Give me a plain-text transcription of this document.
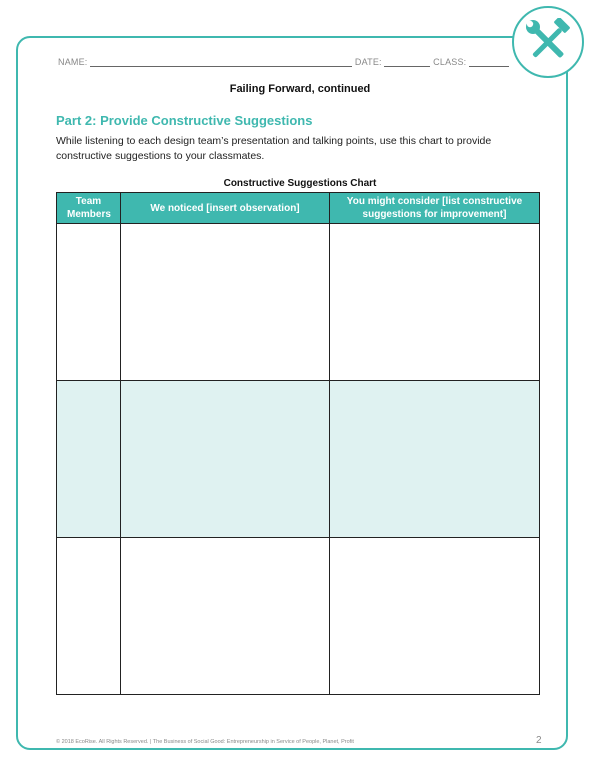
NAME:	DATE:	CLASS:
Failing Forward, continued
Part 2: Provide Constructive Suggestions
While listening to each design team’s presentation and talking points, use this chart to provide constructive suggestions to your classmates.
Constructive Suggestions Chart
Team Members	We noticed [insert observation]	You might consider [list constructive suggestions for improvement]

© 2018 EcoRise. All Rights Reserved. | The Business of Social Good: Entrepreneurship in Service of People, Planet, Profit	2
